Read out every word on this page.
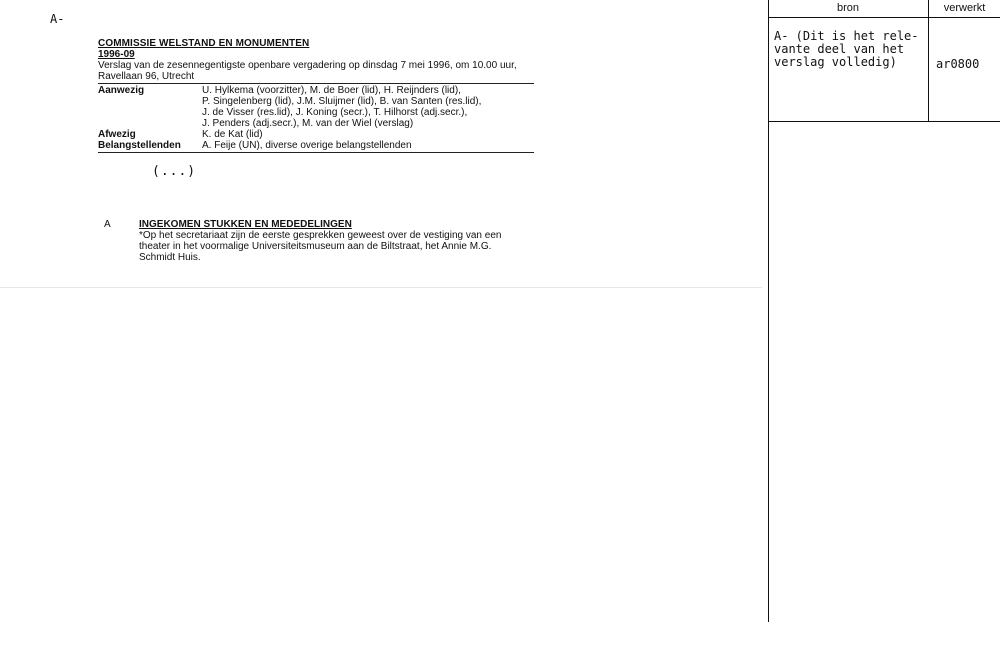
A-
COMMISSIE WELSTAND EN MONUMENTEN
1996-09
Verslag van de zesennegentigste openbare vergadering op dinsdag 7 mei 1996, om 10.00 uur,
Ravellaan 96, Utrecht
Aanwezig	U. Hylkema (voorzitter), M. de Boer (lid), H. Reijnders (lid),
P. Singelenberg (lid), J.M. Sluijmer (lid), B. van Santen (res.lid),
J. de Visser (res.lid), J. Koning (secr.), T. Hilhorst (adj.secr.),
J. Penders (adj.secr.), M. van der Wiel (verslag)

Afwezig	K. de Kat (lid)
Belangstellenden	A. Feije (UN), diverse overige belangstellenden
(...)
A	INGEKOMEN STUKKEN EN MEDEDELINGEN
*Op het secretariaat zijn de eerste gesprekken geweest over de vestiging van een
theater in het voormalige Universiteitsmuseum aan de Biltstraat, het Annie M.G.
Schmidt Huis.
bron	verwerkt
A- (Dit is het rele-
vante deel van het
verslag volledig)	ar0800
